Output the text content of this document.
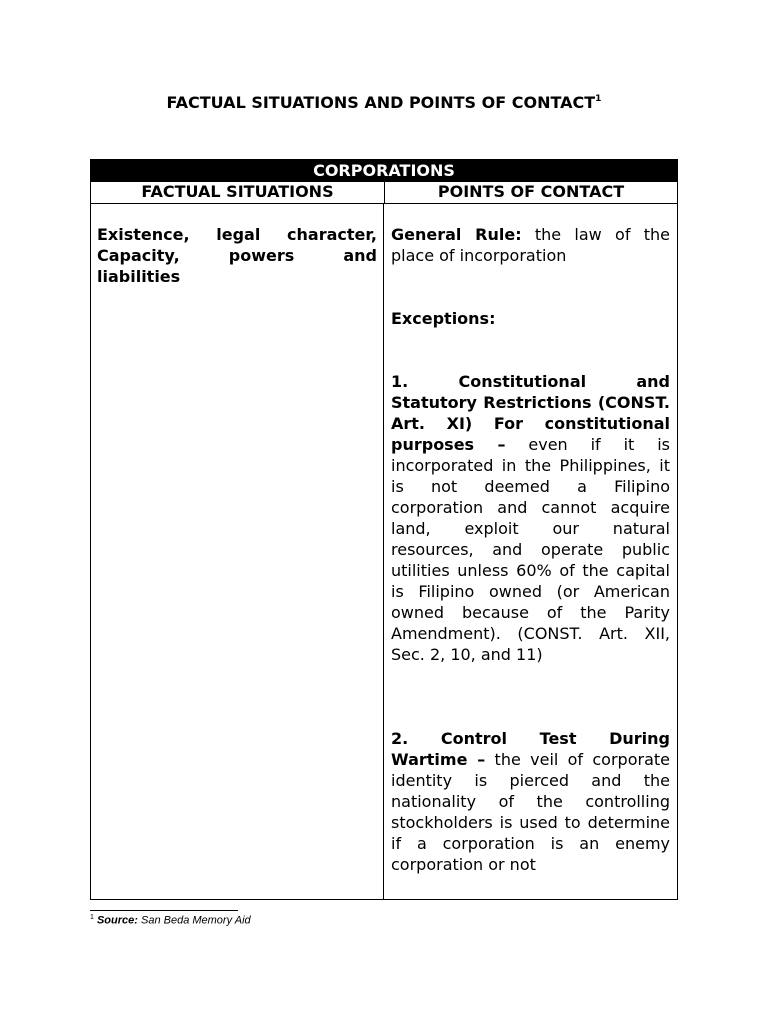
FACTUAL SITUATIONS AND POINTS OF CONTACT$^1$
CORPORATIONS
FACTUAL SITUATIONS	POINTS OF CONTACT

Existence, legal character, Capacity, powers and liabilities

General Rule: the law of the place of incorporation

Exceptions:

1. Constitutional and Statutory Restrictions (CONST. Art. XI) For constitutional purposes – even if it is incorporated in the Philippines, it is not deemed a Filipino corporation and cannot acquire land, exploit our natural resources, and operate public utilities unless 60% of the capital is Filipino owned (or American owned because of the Parity Amendment). (CONST. Art. XII, Sec. 2, 10, and 11)

2. Control Test During Wartime – the veil of corporate identity is pierced and the nationality of the controlling stockholders is used to determine if a corporation is an enemy corporation or not

$^1$ Source: San Beda Memory Aid
